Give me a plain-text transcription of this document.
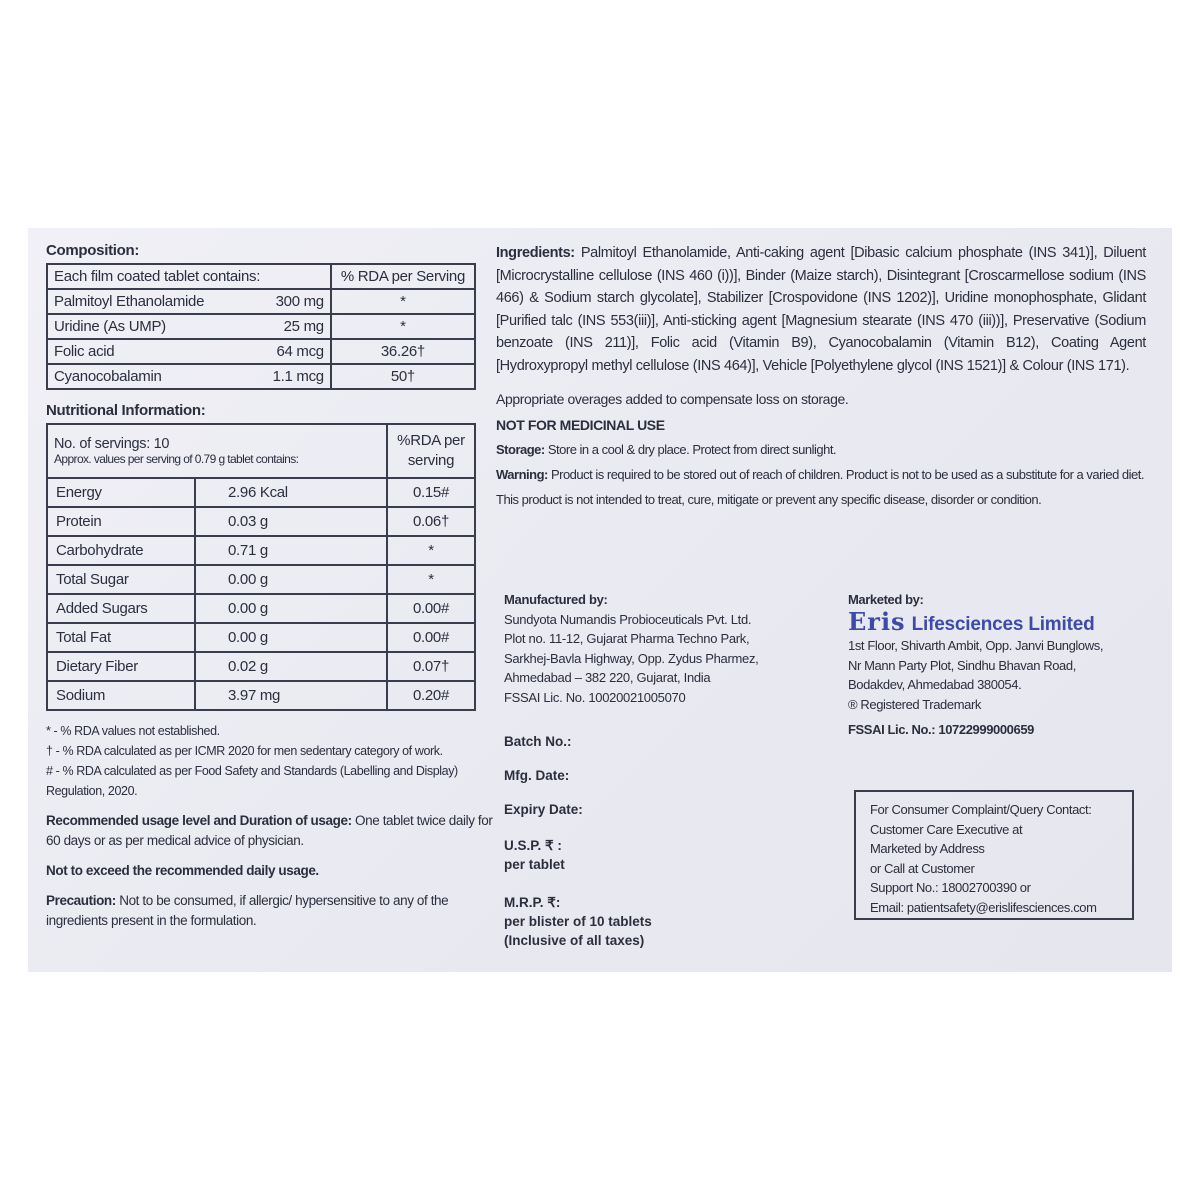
Composition:
Each film coated tablet contains:		% RDA per Serving
Palmitoyl Ethanolamide	300 mg	*
Uridine (As UMP)	25 mg	*
Folic acid	64 mcg	36.26†
Cyanocobalamin	1.1 mcg	50†
Nutritional Information:
No. of servings: 10
Approx. values per serving of 0.79 g tablet contains:		%RDA per serving
Energy	2.96 Kcal	0.15#
Protein	0.03 g	0.06†
Carbohydrate	0.71 g	*
Total Sugar	0.00 g	*
Added Sugars	0.00 g	0.00#
Total Fat	0.00 g	0.00#
Dietary Fiber	0.02 g	0.07†
Sodium	3.97 mg	0.20#
* - % RDA values not established.
† - % RDA calculated as per ICMR 2020 for men sedentary category of work.
# - % RDA calculated as per Food Safety and Standards (Labelling and Display) Regulation, 2020.
Recommended usage level and Duration of usage: One tablet twice daily for 60 days or as per medical advice of physician.
Not to exceed the recommended daily usage.
Precaution: Not to be consumed, if allergic/ hypersensitive to any of the ingredients present in the formulation.
Ingredients: Palmitoyl Ethanolamide, Anti-caking agent [Dibasic calcium phosphate (INS 341)], Diluent [Microcrystalline cellulose (INS 460 (i))], Binder (Maize starch), Disintegrant [Croscarmellose sodium (INS 466) & Sodium starch glycolate], Stabilizer [Crospovidone (INS 1202)], Uridine monophosphate, Glidant [Purified talc (INS 553(iii)], Anti-sticking agent [Magnesium stearate (INS 470 (iii))], Preservative (Sodium benzoate (INS 211)], Folic acid (Vitamin B9), Cyanocobalamin (Vitamin B12), Coating Agent [Hydroxypropyl methyl cellulose (INS 464)], Vehicle [Polyethylene glycol (INS 1521)] & Colour (INS 171).
Appropriate overages added to compensate loss on storage.
NOT FOR MEDICINAL USE
Storage: Store in a cool & dry place. Protect from direct sunlight.
Warning: Product is required to be stored out of reach of children. Product is not to be used as a substitute for a varied diet.
This product is not intended to treat, cure, mitigate or prevent any specific disease, disorder or condition.
Manufactured by:
Sundyota Numandis Probioceuticals Pvt. Ltd.
Plot no. 11-12, Gujarat Pharma Techno Park,
Sarkhej-Bavla Highway, Opp. Zydus Pharmez,
Ahmedabad – 382 220, Gujarat, India
FSSAI Lic. No. 10020021005070
Marketed by:
Eris Lifesciences Limited
1st Floor, Shivarth Ambit, Opp. Janvi Bunglows,
Nr Mann Party Plot, Sindhu Bhavan Road,
Bodakdev, Ahmedabad 380054.
® Registered Trademark
FSSAI Lic. No.: 10722999000659
Batch No.:
Mfg. Date:
Expiry Date:
U.S.P. ₹ :
per tablet
M.R.P. ₹:
per blister of 10 tablets
(Inclusive of all taxes)
For Consumer Complaint/Query Contact:
Customer Care Executive at
Marketed by Address
or Call at Customer
Support No.: 18002700390 or
Email: patientsafety@erislifesciences.com
